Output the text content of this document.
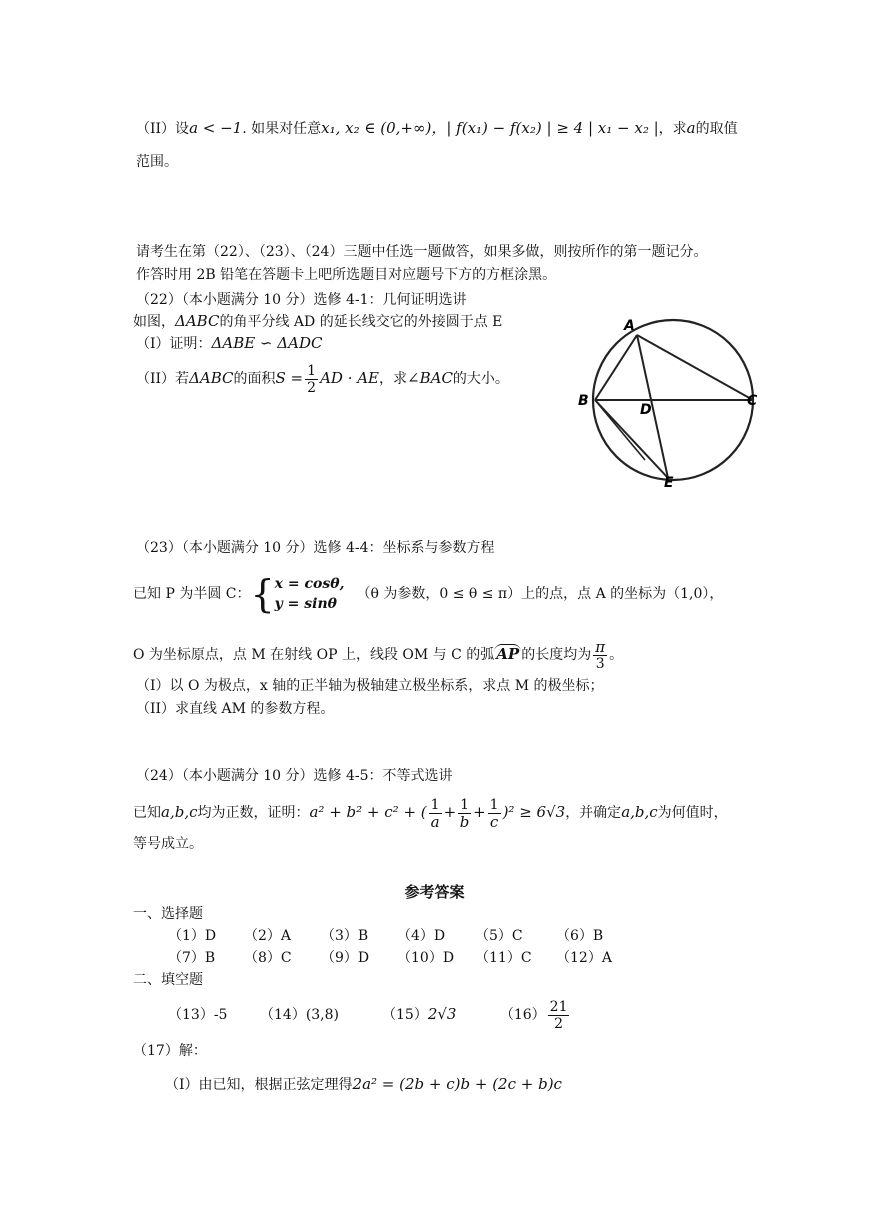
（II）设a < −1. 如果对任意x₁, x₂ ∈ (0,+∞)，| f(x₁) − f(x₂) | ≥ 4 | x₁ − x₂ |，求a的取值
范围。
请考生在第（22）、（23）、（24）三题中任选一题做答，如果多做，则按所作的第一题记分。
作答时用 2B 铅笔在答题卡上吧所选题目对应题号下方的方框涂黑。
（22）（本小题满分 10 分）选修 4-1：几何证明选讲
如图，ΔABC的角平分线 AD 的延长线交它的外接圆于点 E
（I）证明：ΔABE ∽ ΔADC
（II）若ΔABC的面积$S = \frac{1}{2}$ AD · AE，求∠BAC的大小。
A
B	C
D
E
（23）（本小题满分 10 分）选修 4-4：坐标系与参数方程
已知 P 为半圆 C：{ x = cosθ,
y = sinθ
（θ 为参数，0 ≤ θ ≤ π）上的点，点 A 的坐标为（1,0），
O 为坐标原点，点 M 在射线 OP 上，线段 OM 与 C 的弧 AP 的长度均为 $\frac{\pi}{3}$ 。
（I）以 O 为极点，x 轴的正半轴为极轴建立极坐标系，求点 M 的极坐标；
（II）求直线 AM 的参数方程。
（24）（本小题满分 10 分）选修 4-5：不等式选讲
已知a,b,c均为正数，证明：a² + b² + c² + ( $\frac{1}{a} + \frac{1}{b} + \frac{1}{c} )^2 \ge 6√3$，并确定a,b,c为何值时，
等号成立。
参考答案
一、选择题
（1）D （2）A （3）B （4）D （5）C （6）B
（7）B （8）C （9）D （10）D （11）C （12）A
二、填空题
（13）-5 （14）(3,8)	（15）2√3	$(16) \frac{21}{2}$
（17）解：
（Ⅰ）由已知，根据正弦定理得2a² = (2b + c)b + (2c + b)c
